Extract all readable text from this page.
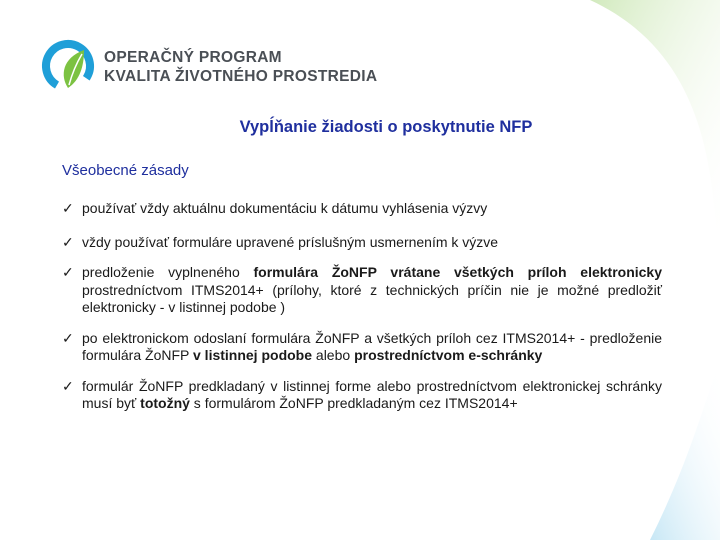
OPERAČNÝ PROGRAM
KVALITA ŽIVOTNÉHO PROSTREDIA
Vypĺňanie žiadosti o poskytnutie NFP
Všeobecné zásady
✓ používať vždy aktuálnu dokumentáciu k dátumu vyhlásenia výzvy
✓ vždy používať formuláre upravené príslušným usmernením k výzve
✓ predloženie vyplneného formulára ŽoNFP vrátane všetkých príloh elektronicky prostredníctvom ITMS2014+ (prílohy, ktoré z technických príčin nie je možné predložiť elektronicky - v listinnej podobe )
✓ po elektronickom odoslaní formulára ŽoNFP a všetkých príloh cez ITMS2014+ - predloženie formulára ŽoNFP v listinnej podobe alebo prostredníctvom e-schránky
✓ formulár ŽoNFP predkladaný v listinnej forme alebo prostredníctvom elektronickej schránky musí byť totožný s formulárom ŽoNFP predkladaným cez ITMS2014+
